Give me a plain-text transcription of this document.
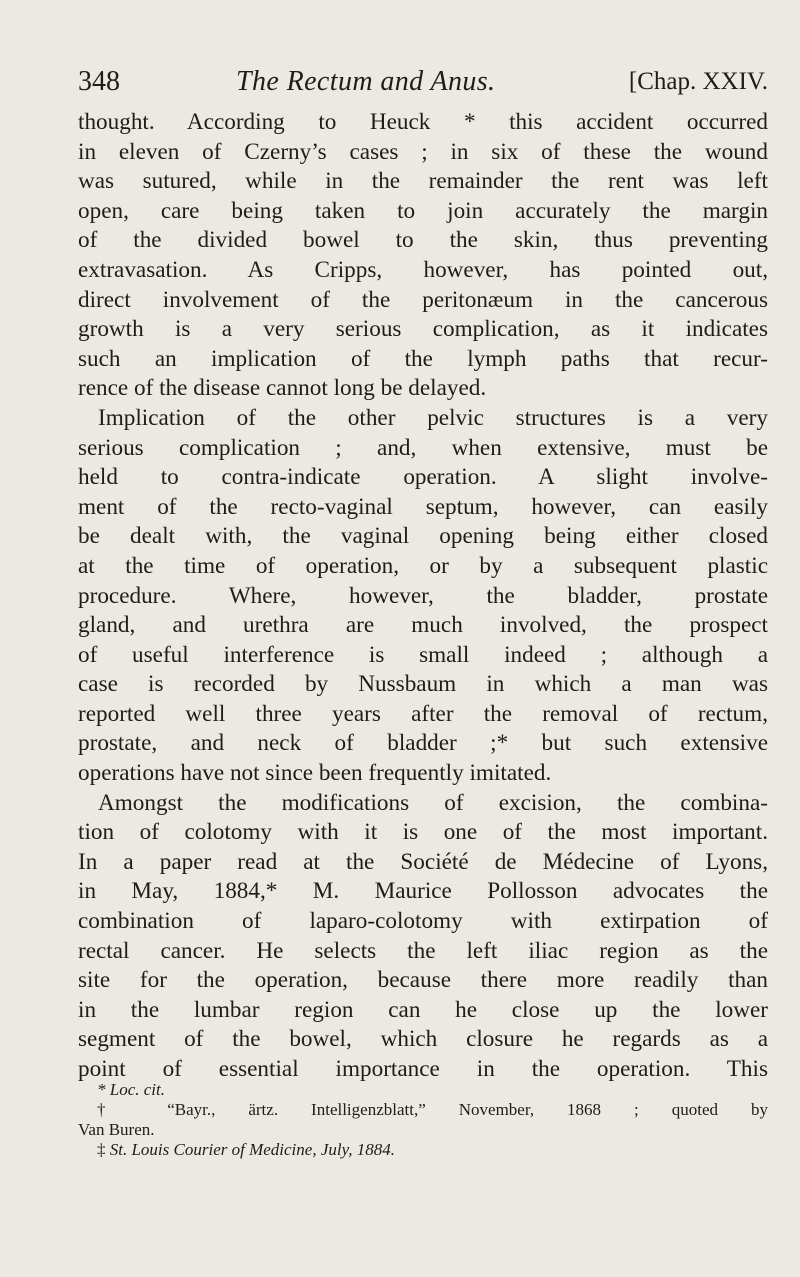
348	The Rectum and Anus.	[Chap. XXIV.
thought. According to Heuck * this accident occurred
in eleven of Czerny’s cases ; in six of these the wound
was sutured, while in the remainder the rent was left
open, care being taken to join accurately the margin
of the divided bowel to the skin, thus preventing
extravasation. As Cripps, however, has pointed out,
direct involvement of the peritonæum in the cancerous
growth is a very serious complication, as it indicates
such an implication of the lymph paths that recur-
rence of the disease cannot long be delayed.
Implication of the other pelvic structures is a very
serious complication ; and, when extensive, must be
held to contra-indicate operation. A slight involve-
ment of the recto-vaginal septum, however, can easily
be dealt with, the vaginal opening being either closed
at the time of operation, or by a subsequent plastic
procedure. Where, however, the bladder, prostate
gland, and urethra are much involved, the prospect
of useful interference is small indeed ; although a
case is recorded by Nussbaum in which a man was
reported well three years after the removal of rectum,
prostate, and neck of bladder ;* but such extensive
operations have not since been frequently imitated.
Amongst the modifications of excision, the combina-
tion of colotomy with it is one of the most important.
In a paper read at the Société de Médecine of Lyons,
in May, 1884,* M. Maurice Pollosson advocates the
combination of laparo-colotomy with extirpation of
rectal cancer. He selects the left iliac region as the
site for the operation, because there more readily than
in the lumbar region can he close up the lower
segment of the bowel, which closure he regards as a
point of essential importance in the operation. This
* Loc. cit.
† “Bayr., ärtz. Intelligenzblatt,” November, 1868 ; quoted by
Van Buren.
‡ St. Louis Courier of Medicine, July, 1884.
